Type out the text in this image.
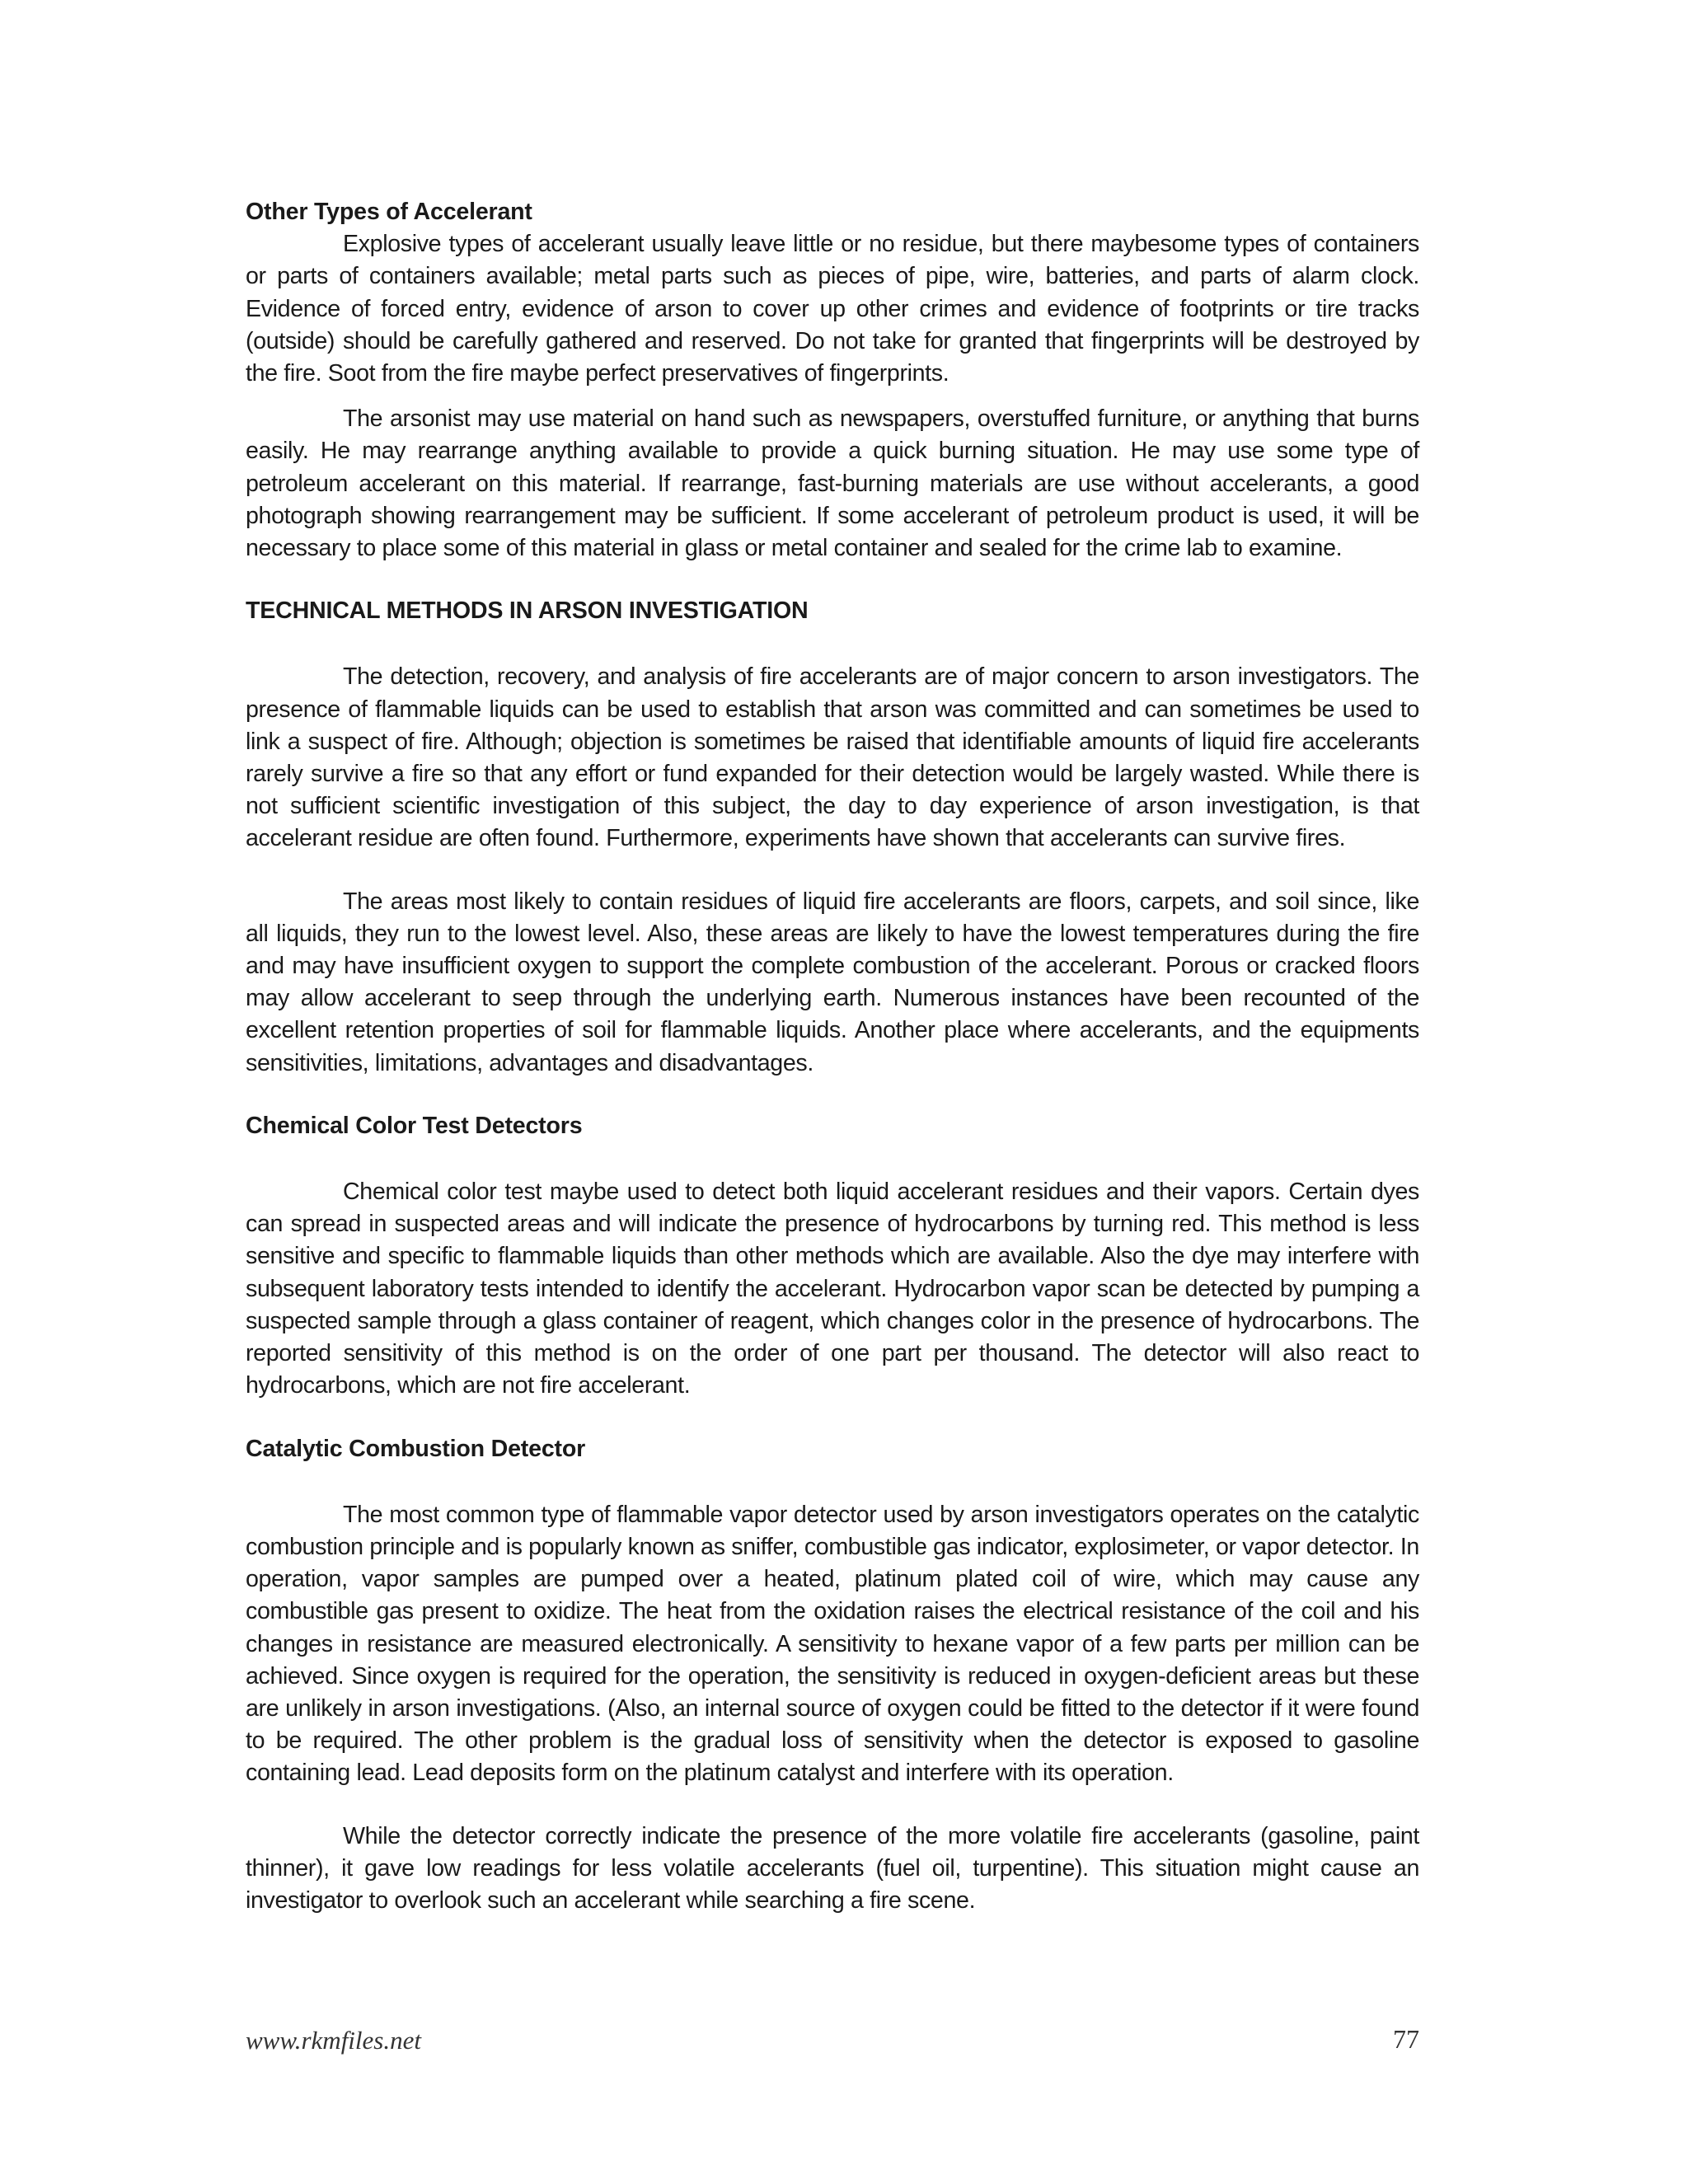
Other Types of Accelerant

Explosive types of accelerant usually leave little or no residue, but there maybesome types of containers or parts of containers available; metal parts such as pieces of pipe, wire, batteries, and parts of alarm clock. Evidence of forced entry, evidence of arson to cover up other crimes and evidence of footprints or tire tracks (outside) should be carefully gathered and reserved. Do not take for granted that fingerprints will be destroyed by the fire. Soot from the fire maybe perfect preservatives of fingerprints.

The arsonist may use material on hand such as newspapers, overstuffed furniture, or anything that burns easily. He may rearrange anything available to provide a quick burning situation. He may use some type of petroleum accelerant on this material. If rearrange, fast-burning materials are use without accelerants, a good photograph showing rearrangement may be sufficient. If some accelerant of petroleum product is used, it will be necessary to place some of this material in glass or metal container and sealed for the crime lab to examine.

TECHNICAL METHODS IN ARSON INVESTIGATION

The detection, recovery, and analysis of fire accelerants are of major concern to arson investigators. The presence of flammable liquids can be used to establish that arson was committed and can sometimes be used to link a suspect of fire. Although; objection is sometimes be raised that identifiable amounts of liquid fire accelerants rarely survive a fire so that any effort or fund expanded for their detection would be largely wasted. While there is not sufficient scientific investigation of this subject, the day to day experience of arson investigation, is that accelerant residue are often found. Furthermore, experiments have shown that accelerants can survive fires.

The areas most likely to contain residues of liquid fire accelerants are floors, carpets, and soil since, like all liquids, they run to the lowest level. Also, these areas are likely to have the lowest temperatures during the fire and may have insufficient oxygen to support the complete combustion of the accelerant. Porous or cracked floors may allow accelerant to seep through the underlying earth. Numerous instances have been recounted of the excellent retention properties of soil for flammable liquids. Another place where accelerants, and the equipments sensitivities, limitations, advantages and disadvantages.

Chemical Color Test Detectors

Chemical color test maybe used to detect both liquid accelerant residues and their vapors. Certain dyes can spread in suspected areas and will indicate the presence of hydrocarbons by turning red. This method is less sensitive and specific to flammable liquids than other methods which are available. Also the dye may interfere with subsequent laboratory tests intended to identify the accelerant. Hydrocarbon vapor scan be detected by pumping a suspected sample through a glass container of reagent, which changes color in the presence of hydrocarbons. The reported sensitivity of this method is on the order of one part per thousand. The detector will also react to hydrocarbons, which are not fire accelerant.

Catalytic Combustion Detector

The most common type of flammable vapor detector used by arson investigators operates on the catalytic combustion principle and is popularly known as sniffer, combustible gas indicator, explosimeter, or vapor detector. In operation, vapor samples are pumped over a heated, platinum plated coil of wire, which may cause any combustible gas present to oxidize. The heat from the oxidation raises the electrical resistance of the coil and his changes in resistance are measured electronically. A sensitivity to hexane vapor of a few parts per million can be achieved. Since oxygen is required for the operation, the sensitivity is reduced in oxygen-deficient areas but these are unlikely in arson investigations. (Also, an internal source of oxygen could be fitted to the detector if it were found to be required. The other problem is the gradual loss of sensitivity when the detector is exposed to gasoline containing lead. Lead deposits form on the platinum catalyst and interfere with its operation.

While the detector correctly indicate the presence of the more volatile fire accelerants (gasoline, paint thinner), it gave low readings for less volatile accelerants (fuel oil, turpentine). This situation might cause an investigator to overlook such an accelerant while searching a fire scene.

www.rkmfiles.net	77
